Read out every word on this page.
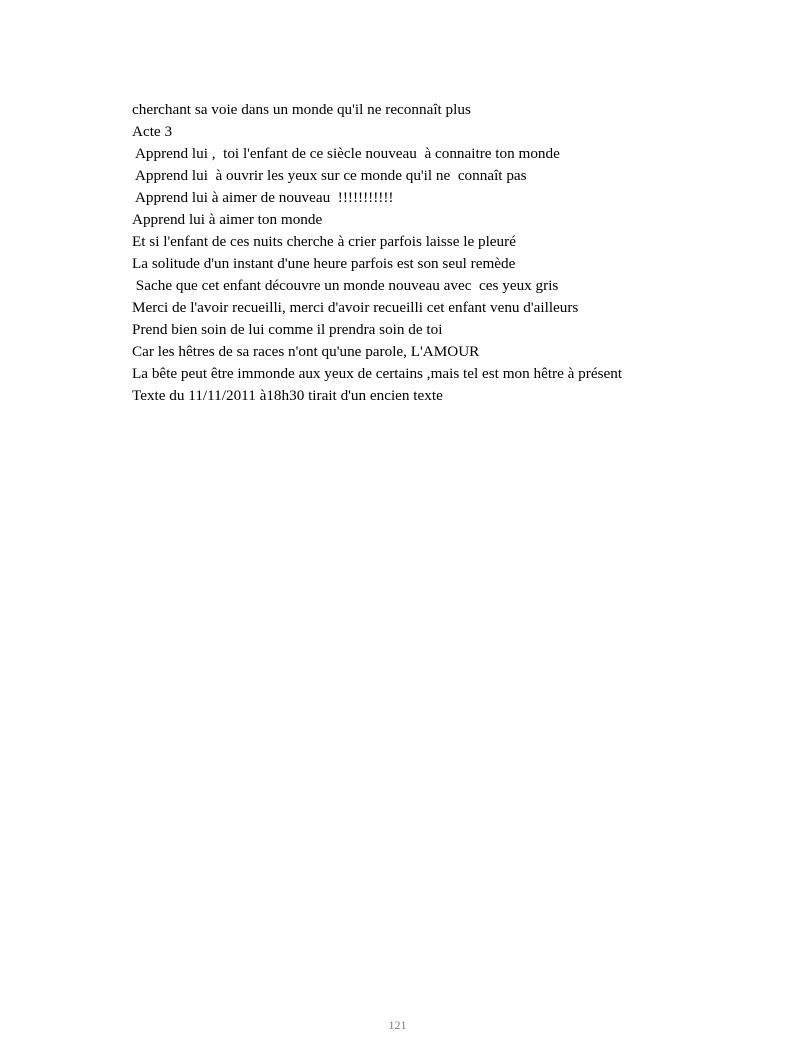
cherchant sa voie dans un monde qu'il ne reconnaît plus
Acte 3
Apprend lui ,  toi l'enfant de ce siècle nouveau  à connaitre ton monde
Apprend lui  à ouvrir les yeux sur ce monde qu'il ne  connaît pas
Apprend lui à aimer de nouveau  !!!!!!!!!!!
Apprend lui à aimer ton monde
Et si l'enfant de ces nuits cherche à crier parfois laisse le pleuré
La solitude d'un instant d'une heure parfois est son seul remède
Sache que cet enfant découvre un monde nouveau avec  ces yeux gris
Merci de l'avoir recueilli, merci d'avoir recueilli cet enfant venu d'ailleurs
Prend bien soin de lui comme il prendra soin de toi
Car les hêtres de sa races n'ont qu'une parole, L'AMOUR
La bête peut être immonde aux yeux de certains ,mais tel est mon hêtre à présent
Texte du 11/11/2011 à18h30 tirait d'un encien texte
121
